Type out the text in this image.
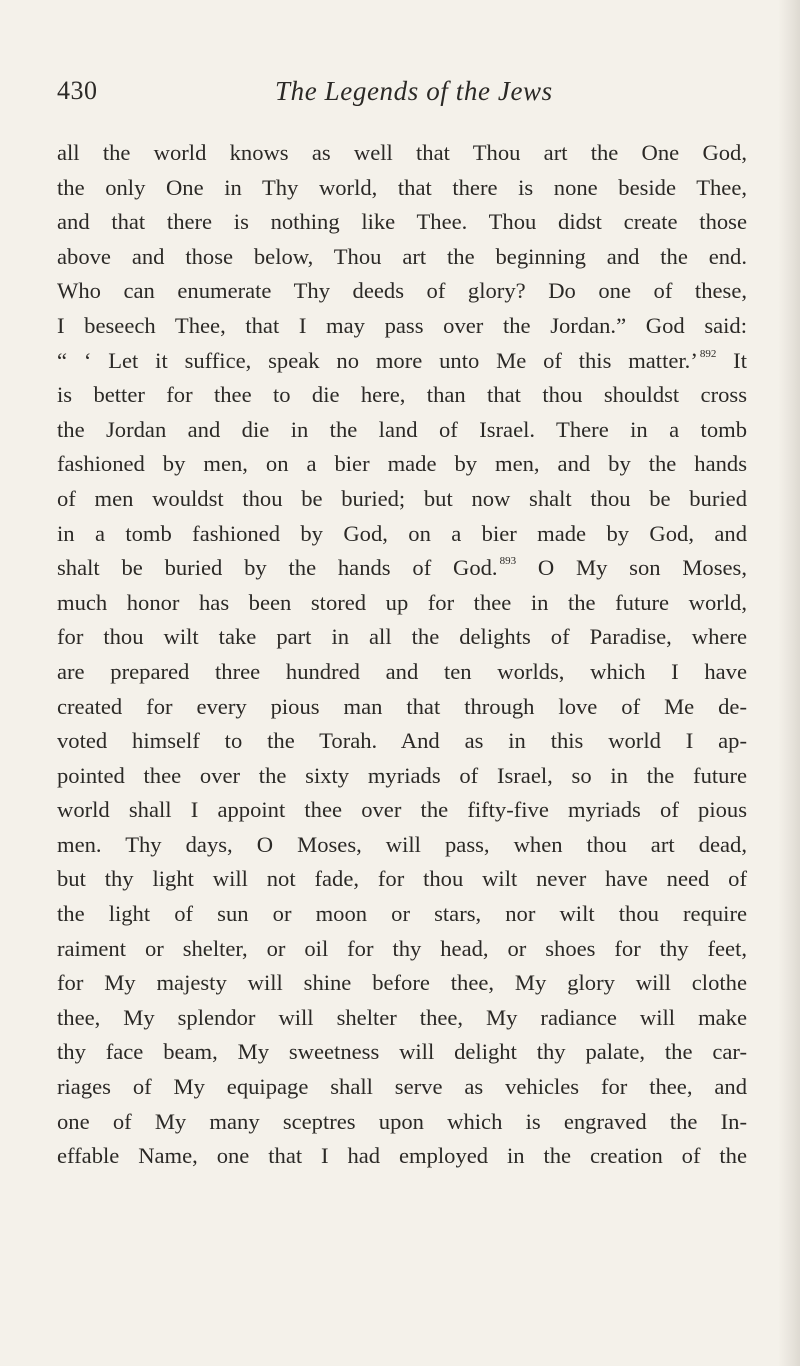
430	The Legends of the Jews
all the world knows as well that Thou art the One God,
the only One in Thy world, that there is none beside Thee,
and that there is nothing like Thee. Thou didst create those
above and those below, Thou art the beginning and the end.
Who can enumerate Thy deeds of glory? Do one of these,
I beseech Thee, that I may pass over the Jordan.” God said:
“ ‘ Let it suffice, speak no more unto Me of this matter.’ $^{892}$ It
is better for thee to die here, than that thou shouldst cross
the Jordan and die in the land of Israel. There in a tomb
fashioned by men, on a bier made by men, and by the hands
of men wouldst thou be buried; but now shalt thou be buried
in a tomb fashioned by God, on a bier made by God, and
shalt be buried by the hands of God. $^{893}$ O My son Moses,
much honor has been stored up for thee in the future world,
for thou wilt take part in all the delights of Paradise, where
are prepared three hundred and ten worlds, which I have
created for every pious man that through love of Me de-
voted himself to the Torah. And as in this world I ap-
pointed thee over the sixty myriads of Israel, so in the future
world shall I appoint thee over the fifty-five myriads of pious
men. Thy days, O Moses, will pass, when thou art dead,
but thy light will not fade, for thou wilt never have need of
the light of sun or moon or stars, nor wilt thou require
raiment or shelter, or oil for thy head, or shoes for thy feet,
for My majesty will shine before thee, My glory will clothe
thee, My splendor will shelter thee, My radiance will make
thy face beam, My sweetness will delight thy palate, the car-
riages of My equipage shall serve as vehicles for thee, and
one of My many sceptres upon which is engraved the In-
effable Name, one that I had employed in the creation of the
